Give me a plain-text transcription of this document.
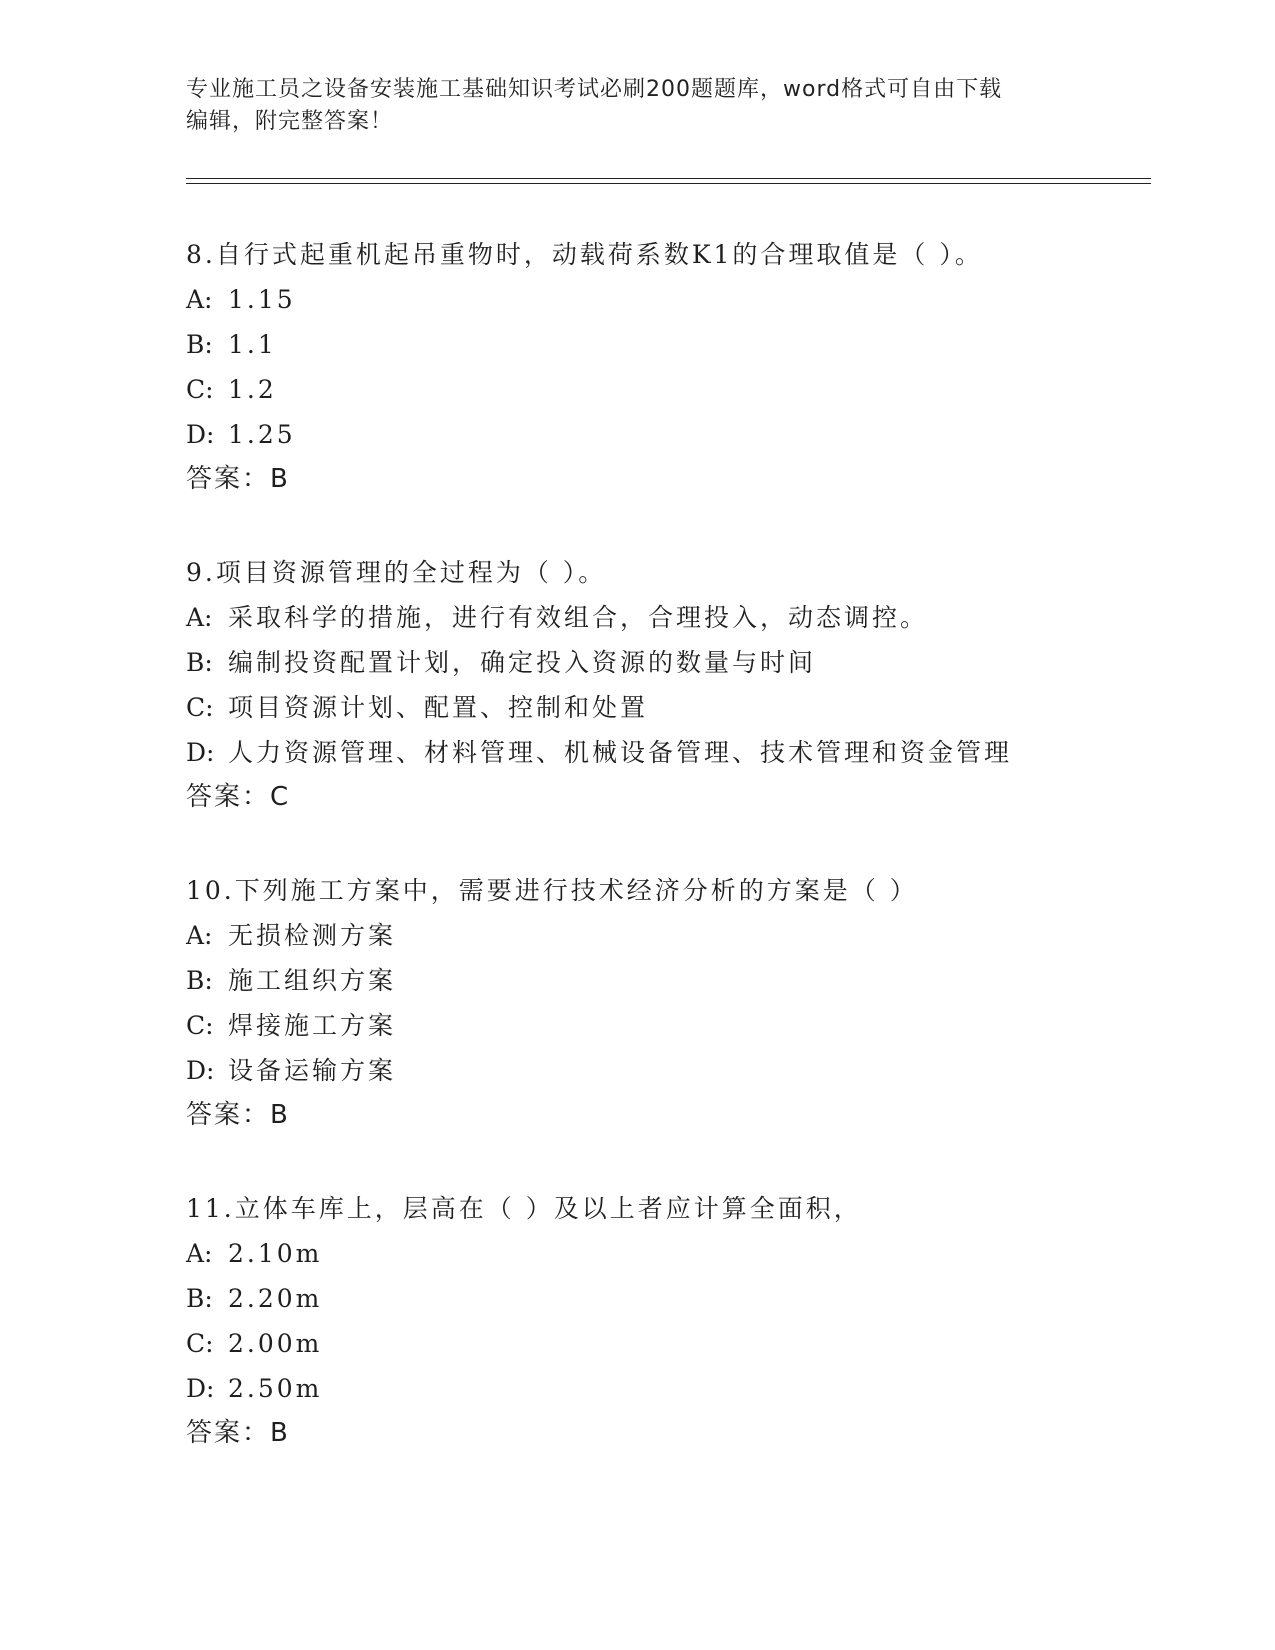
专业施工员之设备安装施工基础知识考试必刷200题题库，word格式可自由下载

编辑，附完整答案！

8.自行式起重机起吊重物时，动载荷系数K1的合理取值是（ ）。
A: 1.15
B: 1.1
C: 1.2
D: 1.25
答案：B
9.项目资源管理的全过程为（ ）。
A: 采取科学的措施，进行有效组合，合理投入，动态调控。
B: 编制投资配置计划，确定投入资源的数量与时间
C: 项目资源计划、配置、控制和处置
D: 人力资源管理、材料管理、机械设备管理、技术管理和资金管理
答案：C
10.下列施工方案中，需要进行技术经济分析的方案是（ ）
A: 无损检测方案
B: 施工组织方案
C: 焊接施工方案
D: 设备运输方案
答案：B
11.立体车库上，层高在（ ）及以上者应计算全面积，
A: 2.10m
B: 2.20m
C: 2.00m
D: 2.50m
答案：B
